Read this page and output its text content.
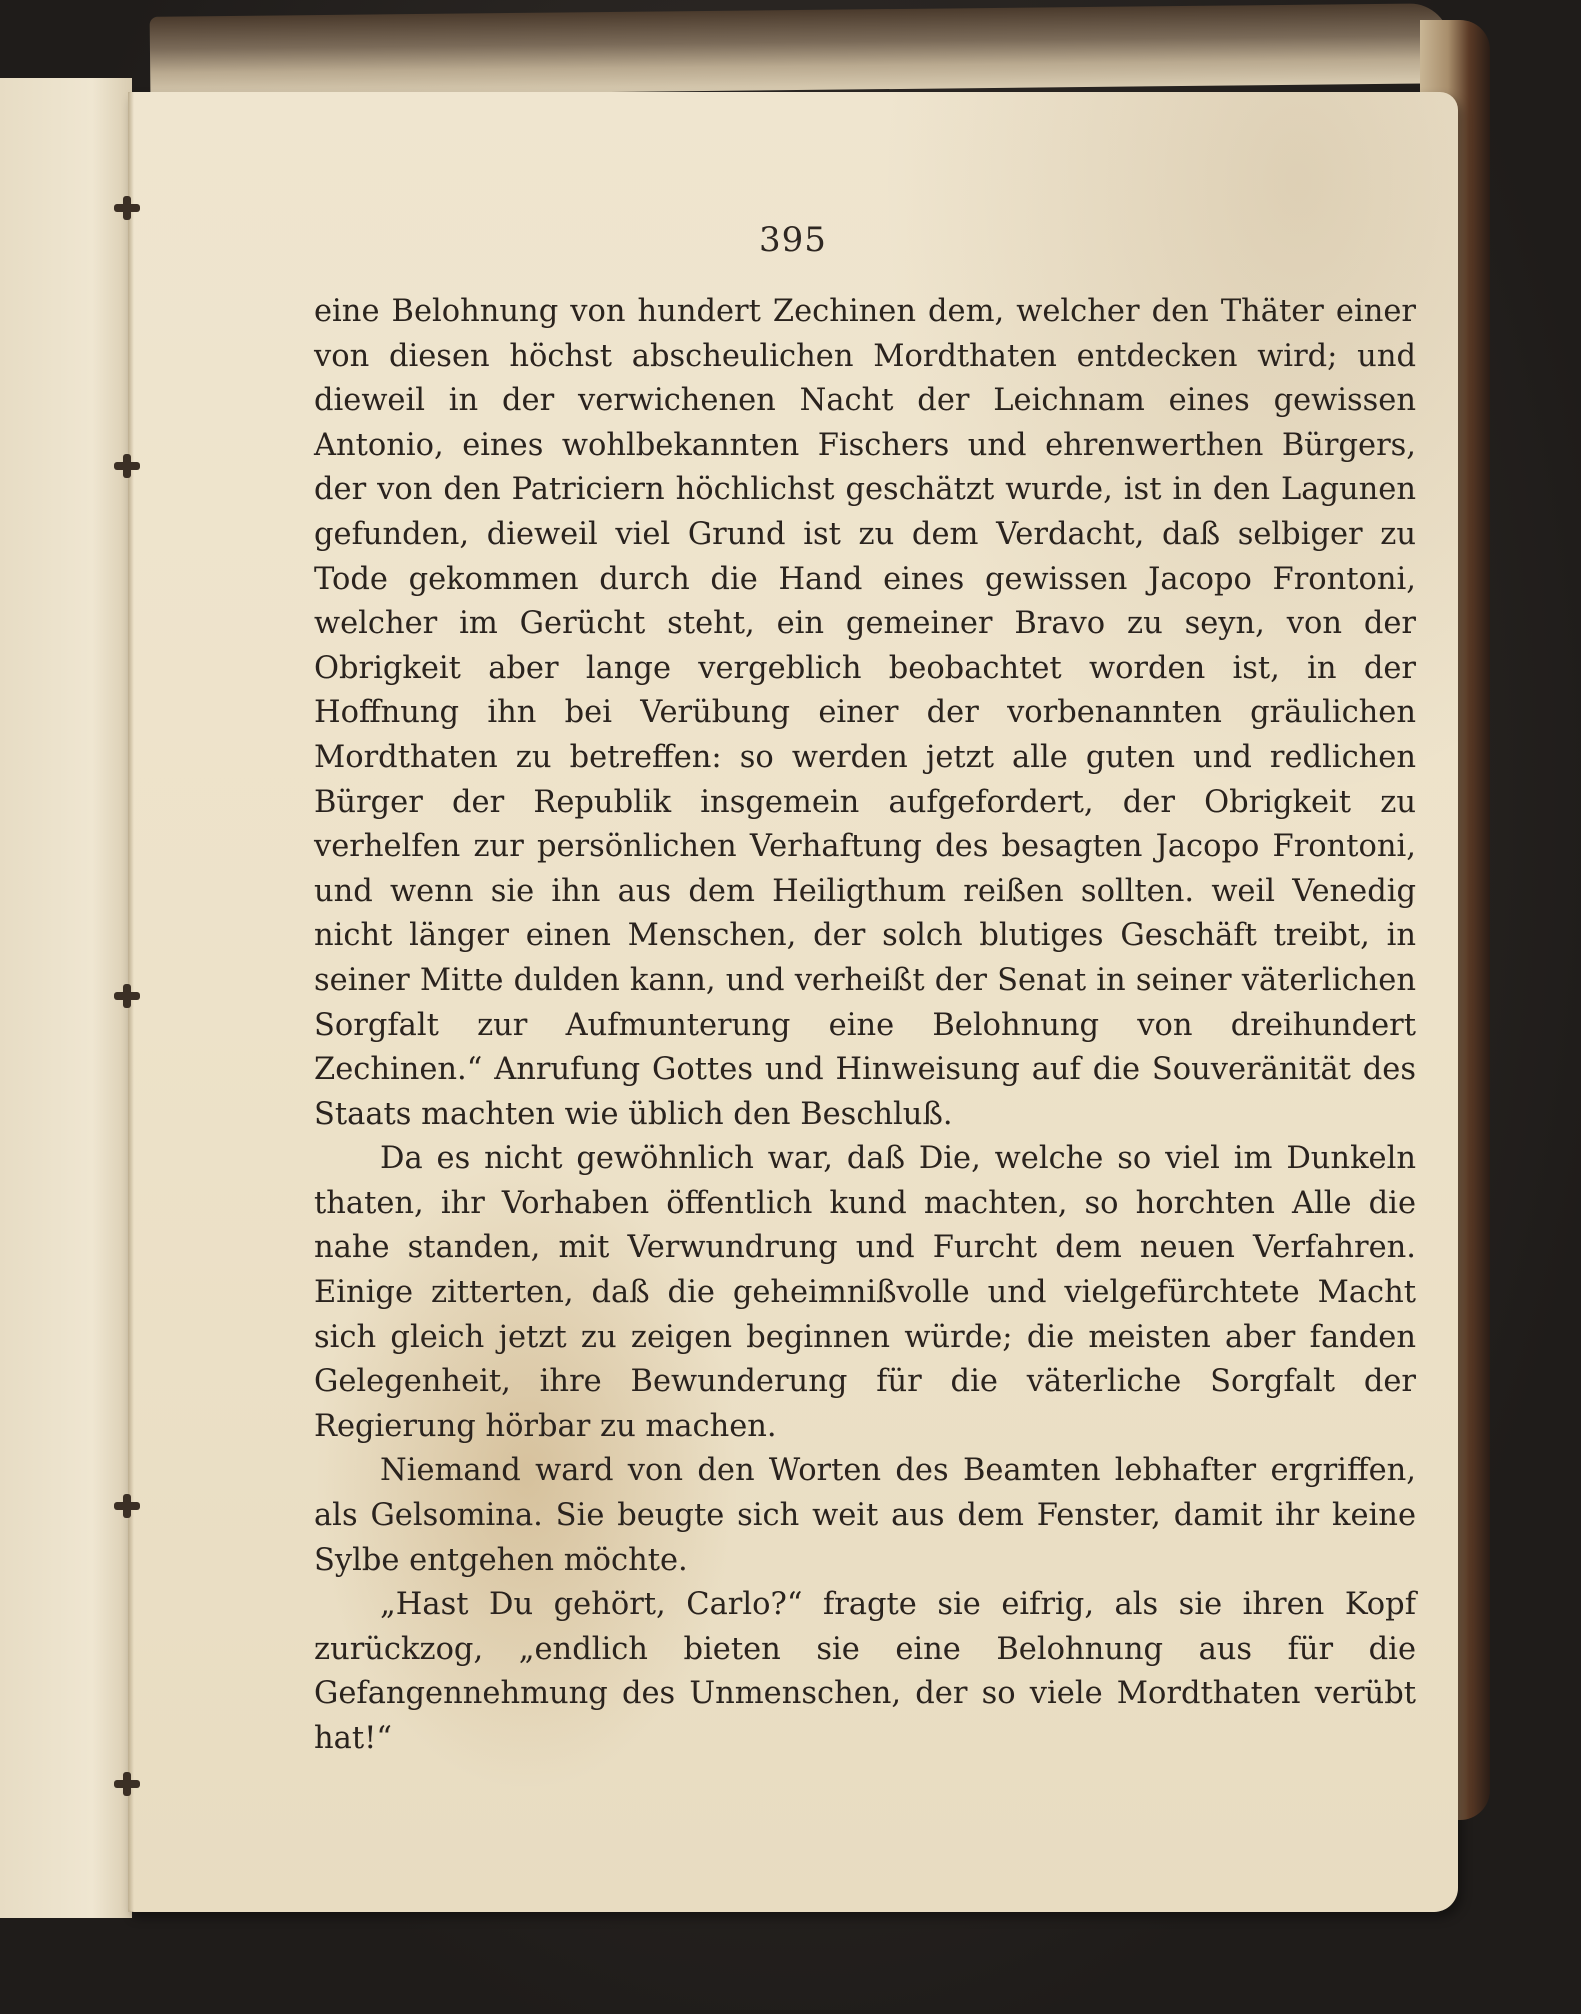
395

eine Belohnung von hundert Zechinen dem, welcher den Thäter einer von diesen höchst abscheulichen Mordthaten entdecken wird; und dieweil in der verwichenen Nacht der Leichnam eines gewissen Antonio, eines wohlbekannten Fischers und ehrenwerthen Bürgers, der von den Patriciern höchlichst geschätzt wurde, ist in den Lagunen gefunden, dieweil viel Grund ist zu dem Verdacht, daß selbiger zu Tode gekommen durch die Hand eines gewissen Jacopo Frontoni, welcher im Gerücht steht, ein gemeiner Bravo zu seyn, von der Obrigkeit aber lange vergeblich beobachtet worden ist, in der Hoffnung ihn bei Verübung einer der vorbenannten gräulichen Mordthaten zu betreffen: so werden jetzt alle guten und redlichen Bürger der Republik insgemein aufgefordert, der Obrigkeit zu verhelfen zur persönlichen Verhaftung des besagten Jacopo Frontoni, und wenn sie ihn aus dem Heiligthum reißen sollten. weil Venedig nicht länger einen Menschen, der solch blutiges Geschäft treibt, in seiner Mitte dulden kann, und verheißt der Senat in seiner väterlichen Sorgfalt zur Aufmunterung eine Belohnung von dreihundert Zechinen.“ Anrufung Gottes und Hinweisung auf die Souveränität des Staats machten wie üblich den Beschluß.

Da es nicht gewöhnlich war, daß Die, welche so viel im Dunkeln thaten, ihr Vorhaben öffentlich kund machten, so horchten Alle die nahe standen, mit Verwundrung und Furcht dem neuen Verfahren. Einige zitterten, daß die geheimnißvolle und vielgefürchtete Macht sich gleich jetzt zu zeigen beginnen würde; die meisten aber fanden Gelegenheit, ihre Bewunderung für die väterliche Sorgfalt der Regierung hörbar zu machen.

Niemand ward von den Worten des Beamten lebhafter ergriffen, als Gelsomina. Sie beugte sich weit aus dem Fenster, damit ihr keine Sylbe entgehen möchte.

„Hast Du gehört, Carlo?“ fragte sie eifrig, als sie ihren Kopf zurückzog, „endlich bieten sie eine Belohnung aus für die Gefangennehmung des Unmenschen, der so viele Mordthaten verübt hat!“
